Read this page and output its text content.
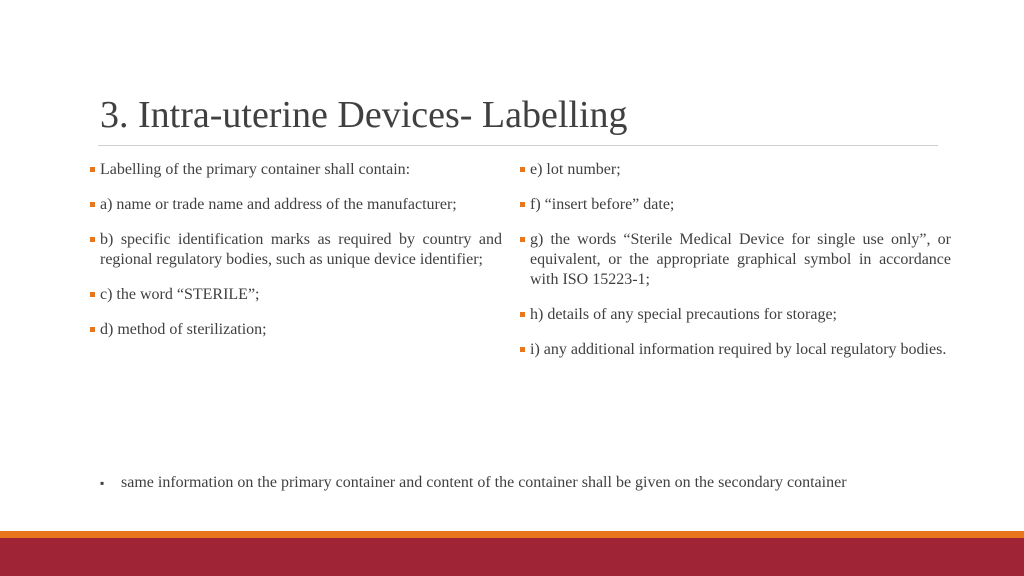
3. Intra-uterine Devices- Labelling
Labelling of the primary container shall contain:
a) name or trade name and address of the manufacturer;
b) specific identification marks as required by country and regional regulatory bodies, such as unique device identifier;
c) the word “STERILE”;
d) method of sterilization;
e) lot number;
f) “insert before” date;
g) the words “Sterile Medical Device for single use only”, or equivalent, or the appropriate graphical symbol in accordance with ISO 15223-1;
h) details of any special precautions for storage;
i) any additional information required by local regulatory bodies.
▪	same information on the primary container and content of the container shall be given on the secondary container
